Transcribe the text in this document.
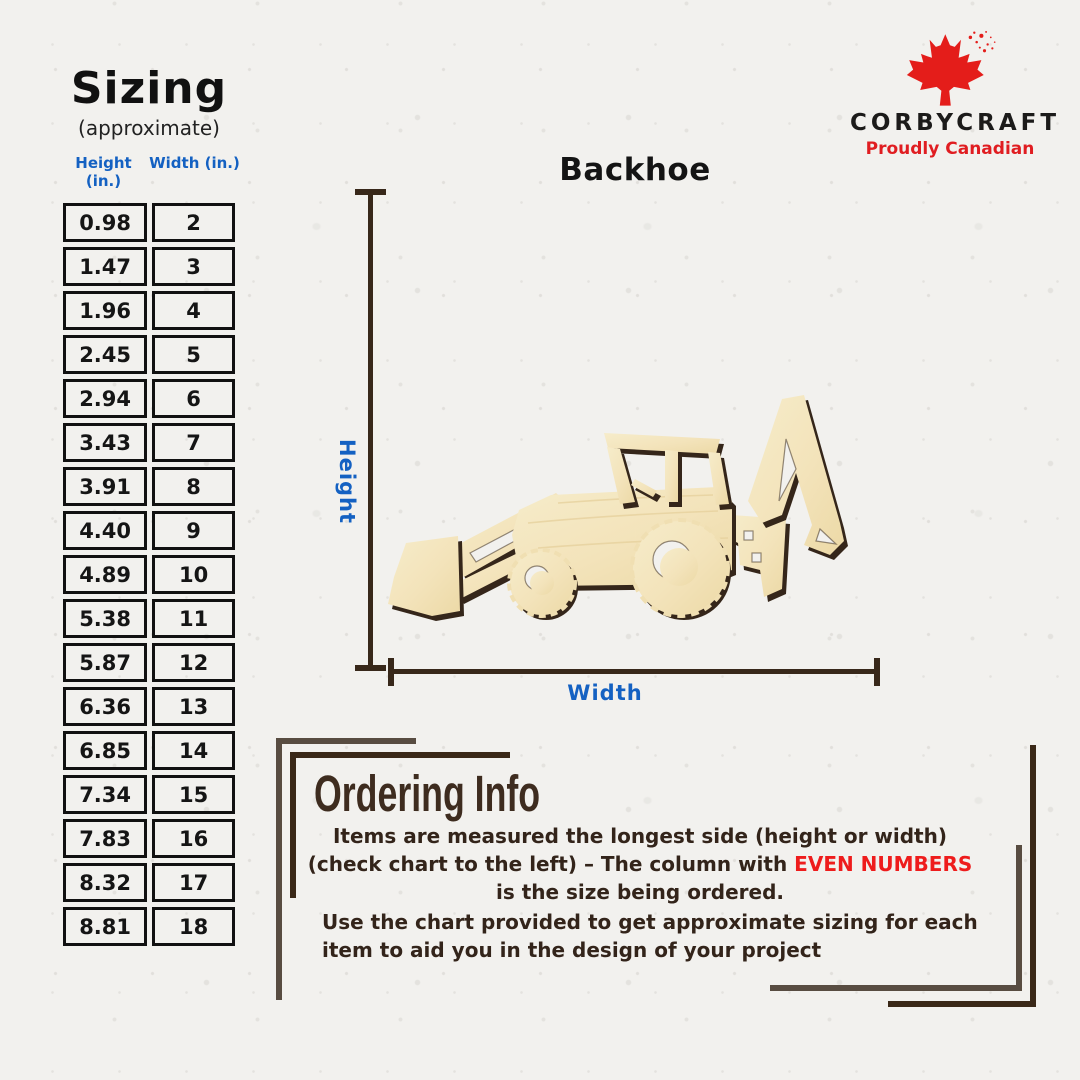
Sizing
(approximate)
Height (in.)
Width (in.)
0.98	2
1.47	3
1.96	4
2.45	5
2.94	6
3.43	7
3.91	8
4.40	9
4.89	10
5.38	11
5.87	12
6.36	13
6.85	14
7.34	15
7.83	16
8.32	17
8.81	18
CORBYCRAFT
Proudly Canadian
Backhoe
Height
Width
Ordering Info

Items are measured the longest side (height or width) (check chart to the left) – The column with EVEN NUMBERS is the size being ordered.

Use the chart provided to get approximate sizing for each item to aid you in the design of your project
